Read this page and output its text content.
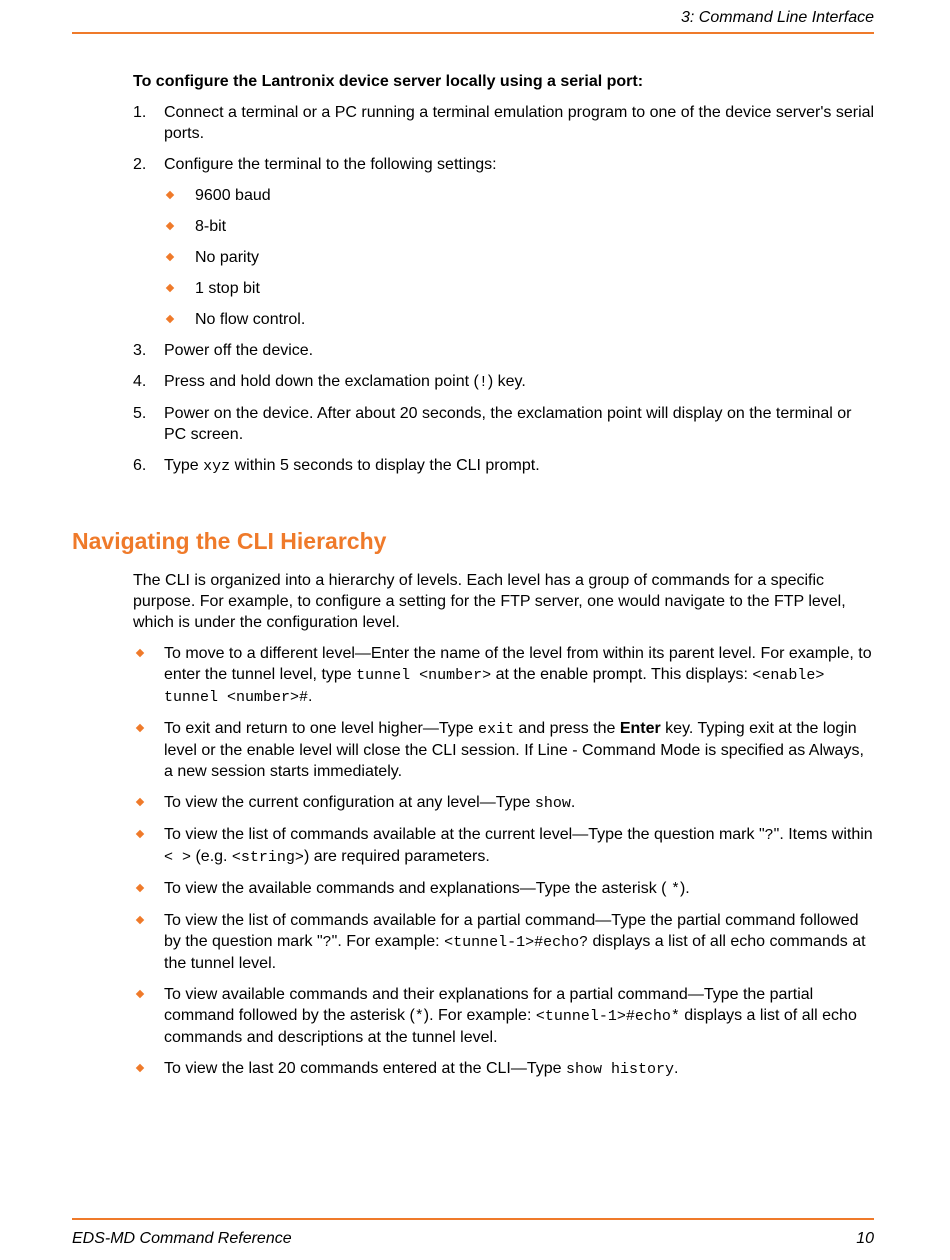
3: Command Line Interface

To configure the Lantronix device server locally using a serial port:

1. Connect a terminal or a PC running a terminal emulation program to one of the device server's serial ports.
2. Configure the terminal to the following settings:
9600 baud
8-bit
No parity
1 stop bit
No flow control.
3. Power off the device.
4. Press and hold down the exclamation point (!) key.
5. Power on the device. After about 20 seconds, the exclamation point will display on the terminal or PC screen.
6. Type xyz within 5 seconds to display the CLI prompt.
Navigating the CLI Hierarchy

The CLI is organized into a hierarchy of levels. Each level has a group of commands for a specific purpose. For example, to configure a setting for the FTP server, one would navigate to the FTP level, which is under the configuration level.

To move to a different level—Enter the name of the level from within its parent level. For example, to enter the tunnel level, type tunnel <number> at the enable prompt. This displays: <enable> tunnel <number>#.
To exit and return to one level higher—Type exit and press the Enter key. Typing exit at the login level or the enable level will close the CLI session. If Line - Command Mode is specified as Always, a new session starts immediately.
To view the current configuration at any level—Type show.
To view the list of commands available at the current level—Type the question mark "?". Items within < > (e.g. <string>) are required parameters.
To view the available commands and explanations—Type the asterisk ( *).
To view the list of commands available for a partial command—Type the partial command followed by the question mark "?". For example: <tunnel-1>#echo? displays a list of all echo commands at the tunnel level.
To view available commands and their explanations for a partial command—Type the partial command followed by the asterisk (*). For example: <tunnel-1>#echo* displays a list of all echo commands and descriptions at the tunnel level.
To view the last 20 commands entered at the CLI—Type show history.
EDS-MD Command Reference	10
